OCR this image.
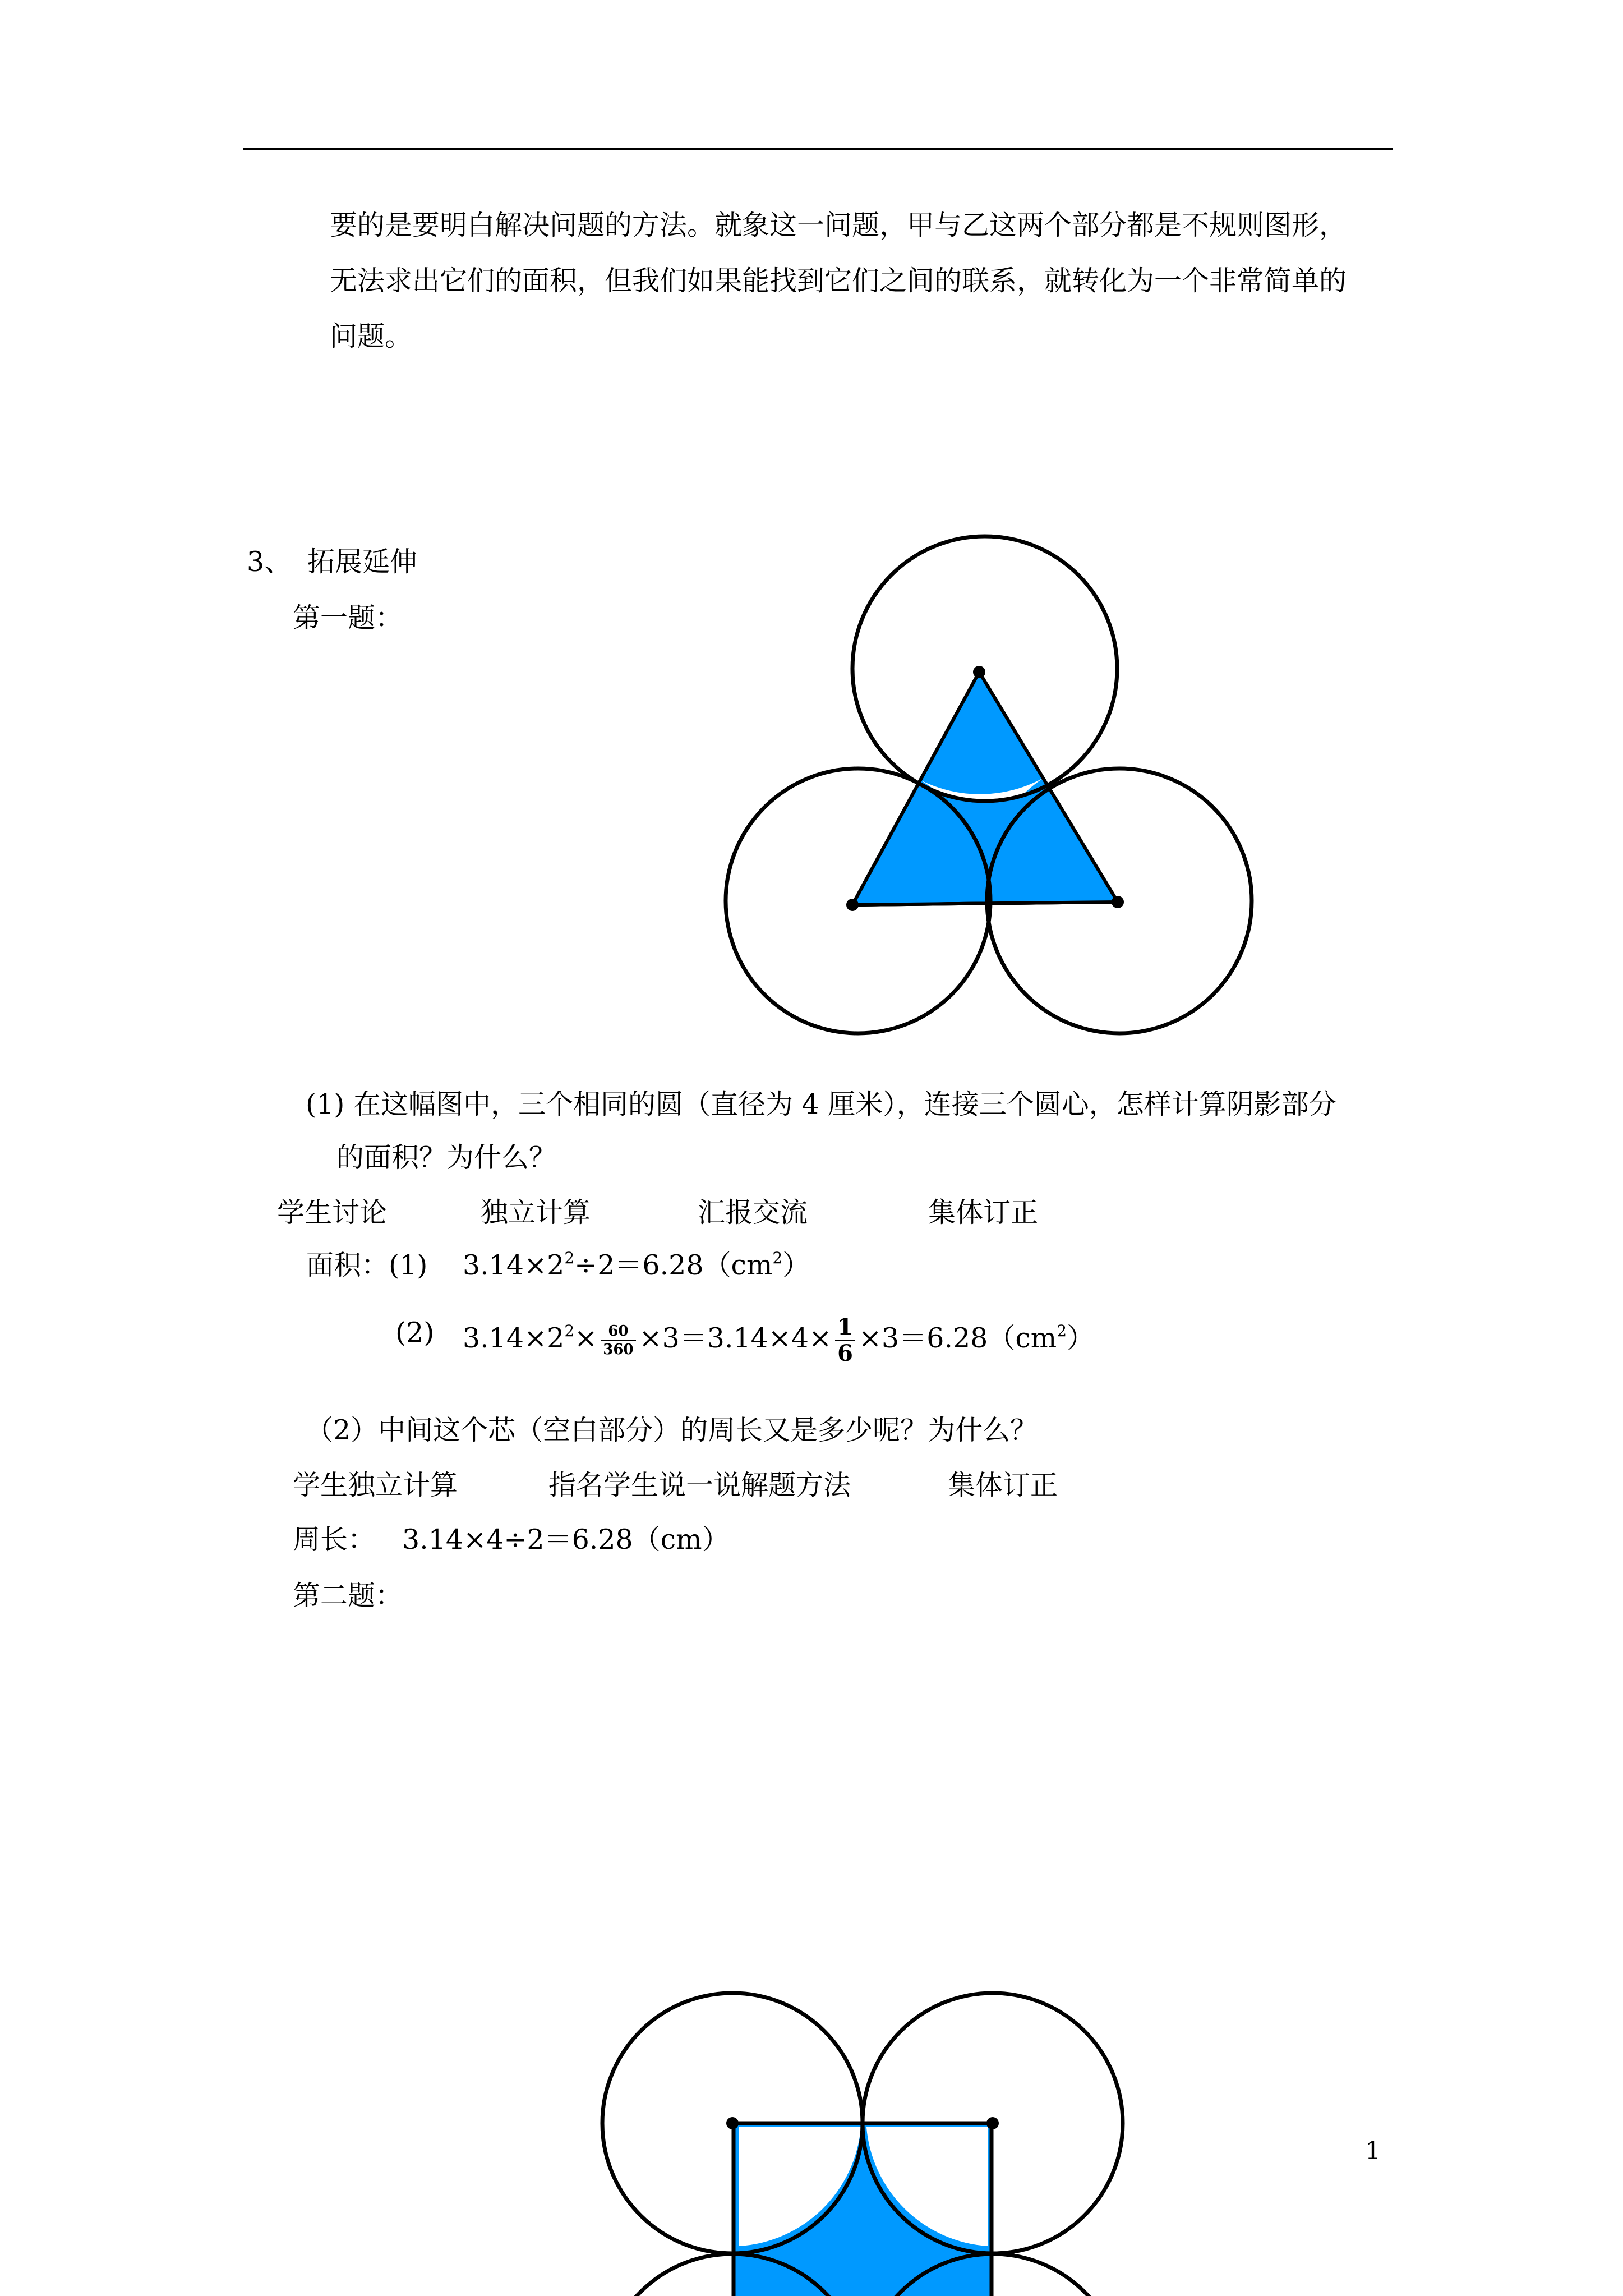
要的是要明白解决问题的方法。就象这一问题，甲与乙这两个部分都是不规则图形，
无法求出它们的面积，但我们如果能找到它们之间的联系，就转化为一个非常简单的
问题。
3、 拓展延伸
第一题：
(1) 在这幅图中，三个相同的圆（直径为 4 厘米），连接三个圆心，怎样计算阴影部分
的面积？为什么？
学生讨论	独立计算	汇报交流	集体订正
面积：(1) $3.14\times 2^2\div 2=6.28(cm^2)$
(2) $3.14\times 2^2\times \frac{60}{360} \times 3=3.14\times 4\times \frac{1}{6} \times 3=6.28(cm^2)$
（2）中间这个芯（空白部分）的周长又是多少呢？为什么？
学生独立计算	指名学生说一说解题方法	集体订正
周长： 3.14×4÷2＝6.28（cm）
第二题：
1
